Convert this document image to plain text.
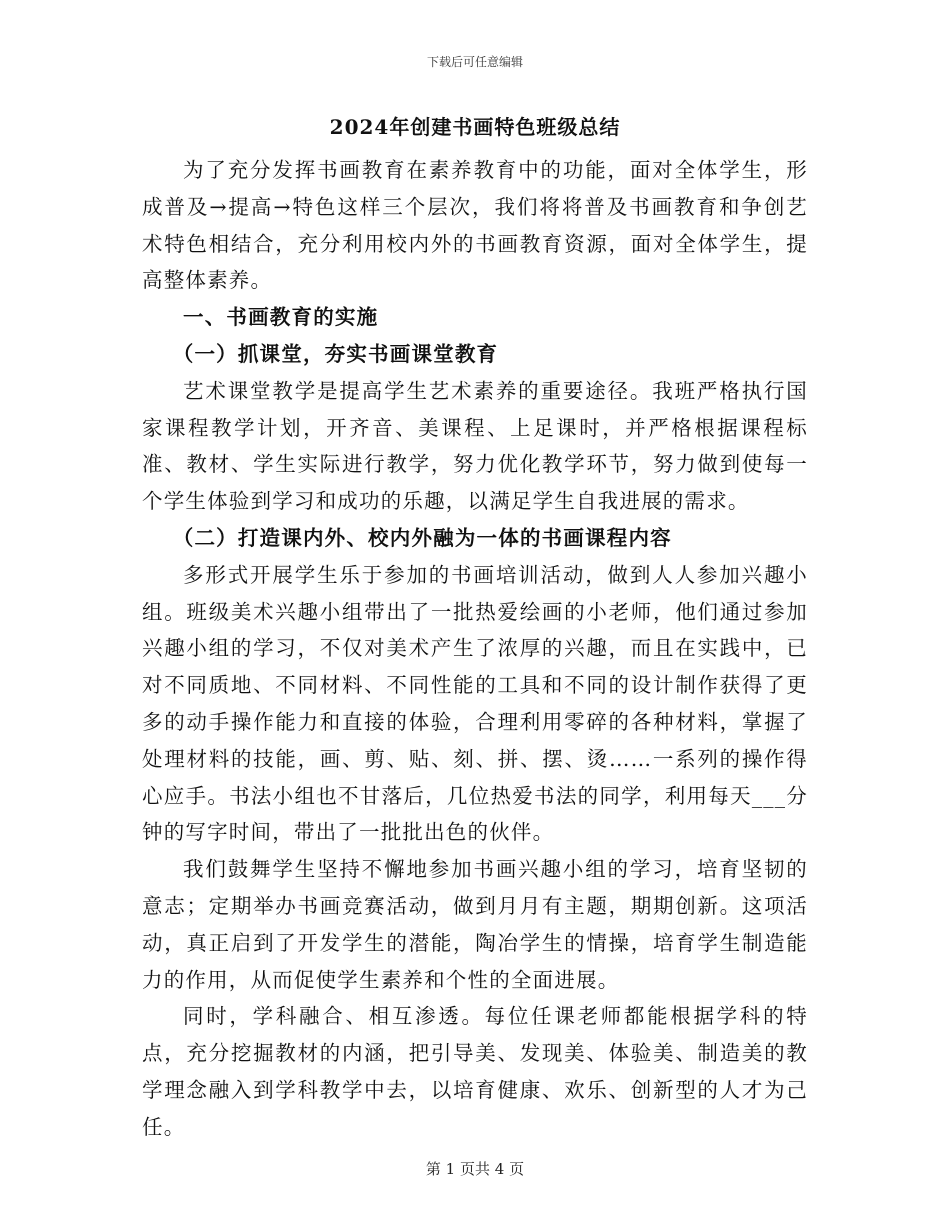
下载后可任意编辑
2024年创建书画特色班级总结

为了充分发挥书画教育在素养教育中的功能，面对全体学生，形成普及→提高→特色这样三个层次，我们将将普及书画教育和争创艺术特色相结合，充分利用校内外的书画教育资源，面对全体学生，提高整体素养。

一、书画教育的实施

（一）抓课堂，夯实书画课堂教育

艺术课堂教学是提高学生艺术素养的重要途径。我班严格执行国家课程教学计划，开齐音、美课程、上足课时，并严格根据课程标准、教材、学生实际进行教学，努力优化教学环节，努力做到使每一个学生体验到学习和成功的乐趣，以满足学生自我进展的需求。

（二）打造课内外、校内外融为一体的书画课程内容

多形式开展学生乐于参加的书画培训活动，做到人人参加兴趣小组。班级美术兴趣小组带出了一批热爱绘画的小老师，他们通过参加兴趣小组的学习，不仅对美术产生了浓厚的兴趣，而且在实践中，已对不同质地、不同材料、不同性能的工具和不同的设计制作获得了更多的动手操作能力和直接的体验，合理利用零碎的各种材料，掌握了处理材料的技能，画、剪、贴、刻、拼、摆、烫……一系列的操作得心应手。书法小组也不甘落后，几位热爱书法的同学，利用每天___分钟的写字时间，带出了一批批出色的伙伴。

我们鼓舞学生坚持不懈地参加书画兴趣小组的学习，培育坚韧的意志；定期举办书画竞赛活动，做到月月有主题，期期创新。这项活动，真正启到了开发学生的潜能，陶冶学生的情操，培育学生制造能力的作用，从而促使学生素养和个性的全面进展。

同时，学科融合、相互渗透。每位任课老师都能根据学科的特点，充分挖掘教材的内涵，把引导美、发现美、体验美、制造美的教学理念融入到学科教学中去，以培育健康、欢乐、创新型的人才为己任。

第 1 页共 4 页
